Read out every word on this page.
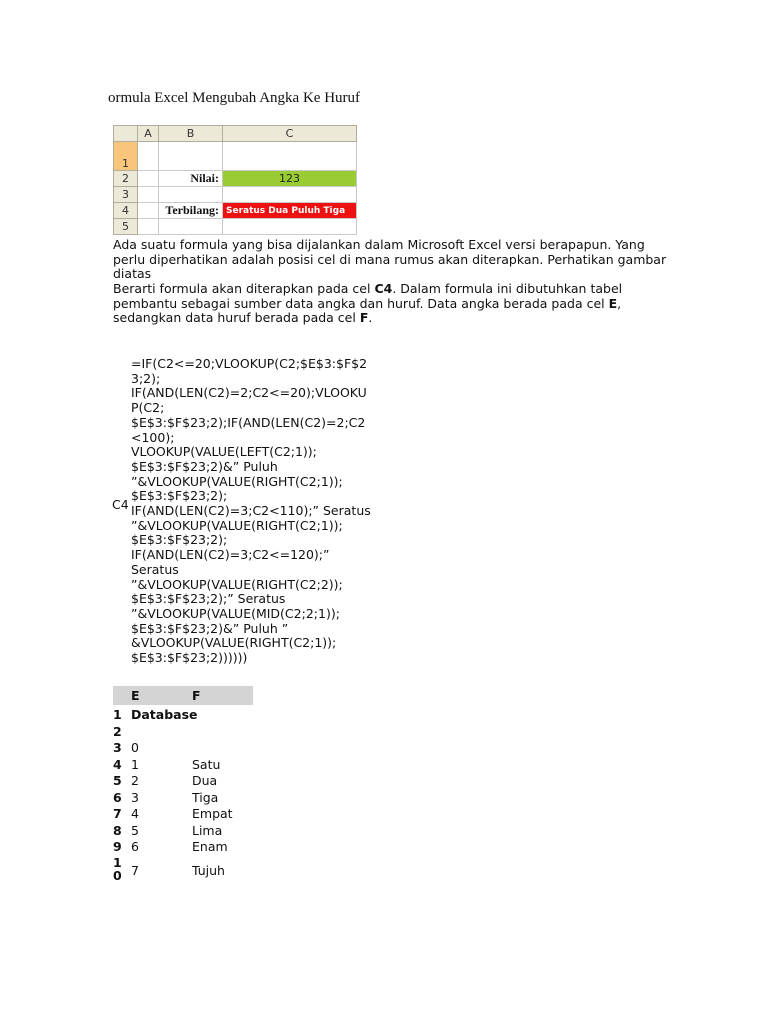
ormula Excel Mengubah Angka Ke Huruf
	A	B	C
1			
2		Nilai:	123
3			
4		Terbilang:	Seratus Dua Puluh Tiga
5			
Ada suatu formula yang bisa dijalankan dalam Microsoft Excel versi berapapun. Yang perlu diperhatikan adalah posisi cel di mana rumus akan diterapkan. Perhatikan gambar diatas
Berarti formula akan diterapkan pada cel C4. Dalam formula ini dibutuhkan tabel pembantu sebagai sumber data angka dan huruf. Data angka berada pada cel E, sedangkan data huruf berada pada cel F.
C4
=IF(C2<=20;VLOOKUP(C2;$E$3:$F$2
3;2);
IF(AND(LEN(C2)=2;C2<=20);VLOOKU
P(C2;
$E$3:$F$23;2);IF(AND(LEN(C2)=2;C2
<100);
VLOOKUP(VALUE(LEFT(C2;1));
$E$3:$F$23;2)&” Puluh
”&VLOOKUP(VALUE(RIGHT(C2;1));
$E$3:$F$23;2);
IF(AND(LEN(C2)=3;C2<110);” Seratus
”&VLOOKUP(VALUE(RIGHT(C2;1));
$E$3:$F$23;2);
IF(AND(LEN(C2)=3;C2<=120);”
Seratus
”&VLOOKUP(VALUE(RIGHT(C2;2));
$E$3:$F$23;2);” Seratus
”&VLOOKUP(VALUE(MID(C2;2;1));
$E$3:$F$23;2)&” Puluh ”
&VLOOKUP(VALUE(RIGHT(C2;1));
$E$3:$F$23;2))))))
E	F
1 Database
2
3 0
4 1	Satu
5 2	Dua
6 3	Tiga
7 4	Empat
8 5	Lima
9 6	Enam
10 7	Tujuh
